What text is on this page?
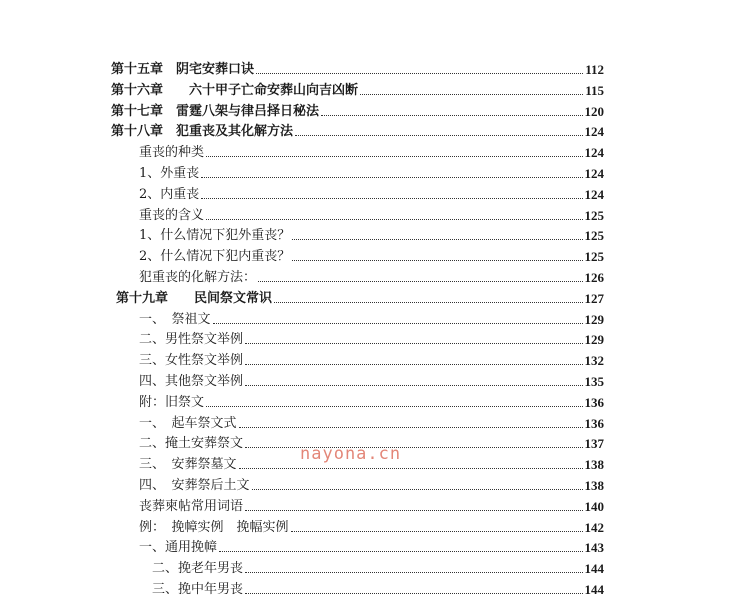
第十五章　阴宅安葬口诀	112
第十六章　　六十甲子亡命安葬山向吉凶断	115
第十七章　雷霆八架与律吕择日秘法	120
第十八章　犯重丧及其化解方法	124
重丧的种类	124
1、外重丧	124
2、内重丧	124
重丧的含义	125
1、什么情况下犯外重丧？	125
2、什么情况下犯内重丧？	125
犯重丧的化解方法：	126
第十九章　　民间祭文常识	127
一、　祭祖文	129
二、男性祭文举例	129
三、女性祭文举例	132
四、其他祭文举例	135
附：旧祭文	136
一、　起车祭文式	136
二、掩土安葬祭文	137
三、　安葬祭墓文	138
四、　安葬祭后土文	138
丧葬柬帖常用词语	140
例：　挽幛实例　挽幅实例	142
一、通用挽幛	143
二、挽老年男丧	144
三、挽中年男丧	144
nayona.cn
